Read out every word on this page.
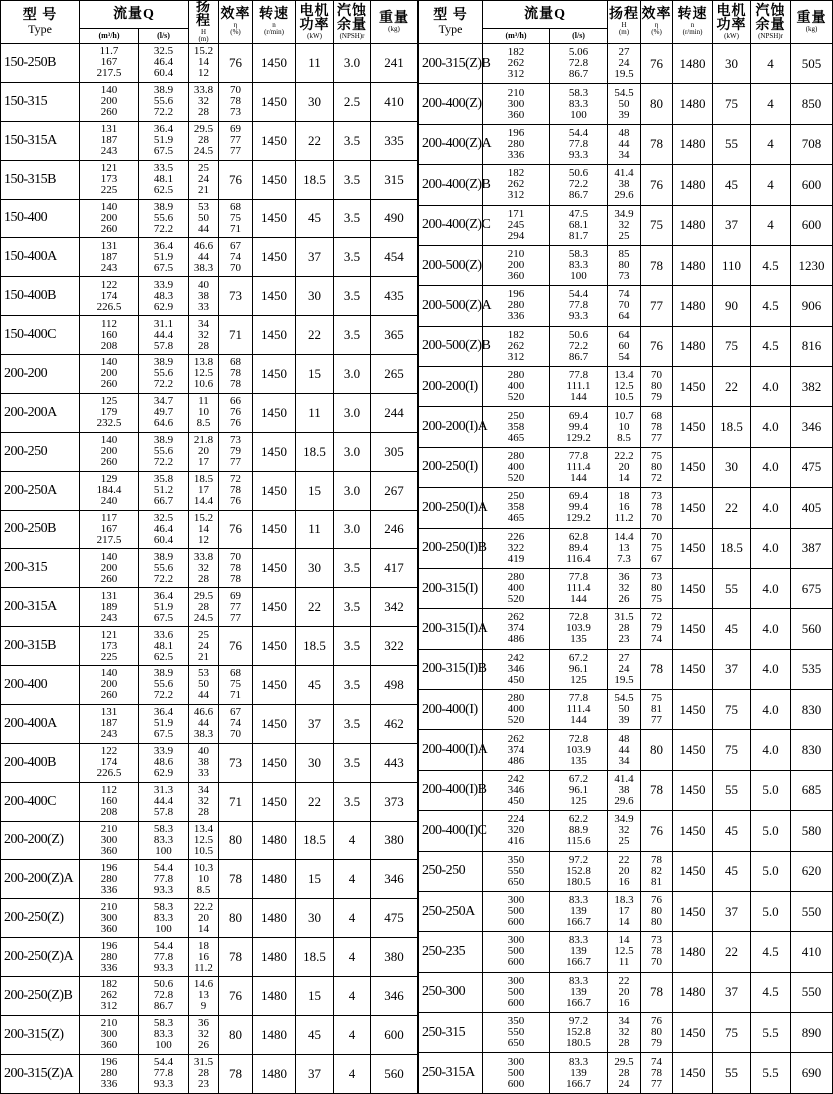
型 号
Type	流量Q		扬程
H
(m)	效率
η
(%)	转速
n
(r/min)	电机功率
(kW)	汽蚀余量
(NPSH)r	重量
(kg)

	(m³/h)	(l/s)						
150-250B	11.7
167
217.5	32.5
46.4
60.4	15.2
14
12	76	1450	11	3.0	241
150-315	140
200
260	38.9
55.6
72.2	33.8
32
28	70
78
73	1450	30	2.5	410
150-315A	131
187
243	36.4
51.9
67.5	29.5
28
24.5	69
77
77	1450	22	3.5	335
150-315B	121
173
225	33.5
48.1
62.5	25
24
21	76	1450	18.5	3.5	315
150-400	140
200
260	38.9
55.6
72.2	53
50
44	68
75
71	1450	45	3.5	490
150-400A	131
187
243	36.4
51.9
67.5	46.6
44
38.3	67
74
70	1450	37	3.5	454
150-400B	122
174
226.5	33.9
48.3
62.9	40
38
33	73	1450	30	3.5	435
150-400C	112
160
208	31.1
44.4
57.8	34
32
28	71	1450	22	3.5	365
200-200	140
200
260	38.9
55.6
72.2	13.8
12.5
10.6	68
78
78	1450	15	3.0	265
200-200A	125
179
232.5	34.7
49.7
64.6	11
10
8.5	66
76
76	1450	11	3.0	244
200-250	140
200
260	38.9
55.6
72.2	21.8
20
17	73
79
77	1450	18.5	3.0	305
200-250A	129
184.4
240	35.8
51.2
66.7	18.5
17
14.4	72
78
76	1450	15	3.0	267
200-250B	117
167
217.5	32.5
46.4
60.4	15.2
14
12	76	1450	11	3.0	246
200-315	140
200
260	38.9
55.6
72.2	33.8
32
28	70
78
78	1450	30	3.5	417
200-315A	131
189
243	36.4
51.9
67.5	29.5
28
24.5	69
77
77	1450	22	3.5	342
200-315B	121
173
225	33.6
48.1
62.5	25
24
21	76	1450	18.5	3.5	322
200-400	140
200
260	38.9
55.6
72.2	53
50
44	68
75
71	1450	45	3.5	498
200-400A	131
187
243	36.4
51.9
67.5	46.6
44
38.3	67
74
70	1450	37	3.5	462
200-400B	122
174
226.5	33.9
48.6
62.9	40
38
33	73	1450	30	3.5	443
200-400C	112
160
208	31.3
44.4
57.8	34
32
28	71	1450	22	3.5	373
200-200(Z)	210
300
360	58.3
83.3
100	13.4
12.5
10.5	80	1480	18.5	4	380
200-200(Z)A	196
280
336	54.4
77.8
93.3	10.3
10
8.5	78	1480	15	4	346
200-250(Z)	210
300
360	58.3
83.3
100	22.2
20
14	80	1480	30	4	475
200-250(Z)A	196
280
336	54.4
77.8
93.3	18
16
11.2	78	1480	18.5	4	380
200-250(Z)B	182
262
312	50.6
72.8
86.7	14.6
13
9	76	1480	15	4	346
200-315(Z)	210
300
360	58.3
83.3
100	36
32
26	80	1480	45	4	600
200-315(Z)A	196
280
336	54.4
77.8
93.3	31.5
28
23	78	1480	37	4	560
型 号
Type	流量Q		扬程
H
(m)	效率
η
(%)	转速
n
(r/min)	电机功率
(kW)	汽蚀余量
(NPSH)r	重量
(kg)

	(m³/h)	(l/s)						
200-315(Z)B	182
262
312	5.06
72.8
86.7	27
24
19.5	76	1480	30	4	505
200-400(Z)	210
300
360	58.3
83.3
100	54.5
50
39	80	1480	75	4	850
200-400(Z)A	196
280
336	54.4
77.8
93.3	48
44
34	78	1480	55	4	708
200-400(Z)B	182
262
312	50.6
72.2
86.7	41.4
38
29.6	76	1480	45	4	600
200-400(Z)C	171
245
294	47.5
68.1
81.7	34.9
32
25	75	1480	37	4	600
200-500(Z)	210
200
360	58.3
83.3
100	85
80
73	78	1480	110	4.5	1230
200-500(Z)A	196
280
336	54.4
77.8
93.3	74
70
64	77	1480	90	4.5	906
200-500(Z)B	182
262
312	50.6
72.2
86.7	64
60
54	76	1480	75	4.5	816
200-200(I)	280
400
520	77.8
111.1
144	13.4
12.5
10.5	70
80
79	1450	22	4.0	382
200-200(I)A	250
358
465	69.4
99.4
129.2	10.7
10
8.5	68
78
77	1450	18.5	4.0	346
200-250(I)	280
400
520	77.8
111.4
144	22.2
20
14	75
80
72	1450	30	4.0	475
200-250(I)A	250
358
465	69.4
99.4
129.2	18
16
11.2	73
78
70	1450	22	4.0	405
200-250(I)B	226
322
419	62.8
89.4
116.4	14.4
13
7.3	70
75
67	1450	18.5	4.0	387
200-315(I)	280
400
520	77.8
111.4
144	36
32
26	73
80
75	1450	55	4.0	675
200-315(I)A	262
374
486	72.8
103.9
135	31.5
28
23	72
79
74	1450	45	4.0	560
200-315(I)B	242
346
450	67.2
96.1
125	27
24
19.5	78	1450	37	4.0	535
200-400(I)	280
400
520	77.8
111.4
144	54.5
50
39	75
81
77	1450	75	4.0	830
200-400(I)A	262
374
486	72.8
103.9
135	48
44
34	80	1450	75	4.0	830
200-400(I)B	242
346
450	67.2
96.1
125	41.4
38
29.6	78	1450	55	5.0	685
200-400(I)C	224
320
416	62.2
88.9
115.6	34.9
32
25	76	1450	45	5.0	580
250-250	350
550
650	97.2
152.8
180.5	22
20
16	78
82
81	1450	45	5.0	620
250-250A	300
500
600	83.3
139
166.7	18.3
17
14	76
80
80	1450	37	5.0	550
250-235	300
500
600	83.3
139
166.7	14
12.5
11	73
78
70	1480	22	4.5	410
250-300	300
500
600	83.3
139
166.7	22
20
16	78	1480	37	4.5	550
250-315	350
550
650	97.2
152.8
180.5	34
32
28	76
80
79	1450	75	5.5	890
250-315A	300
500
600	83.3
139
166.7	29.5
28
24	74
78
77	1450	55	5.5	690
